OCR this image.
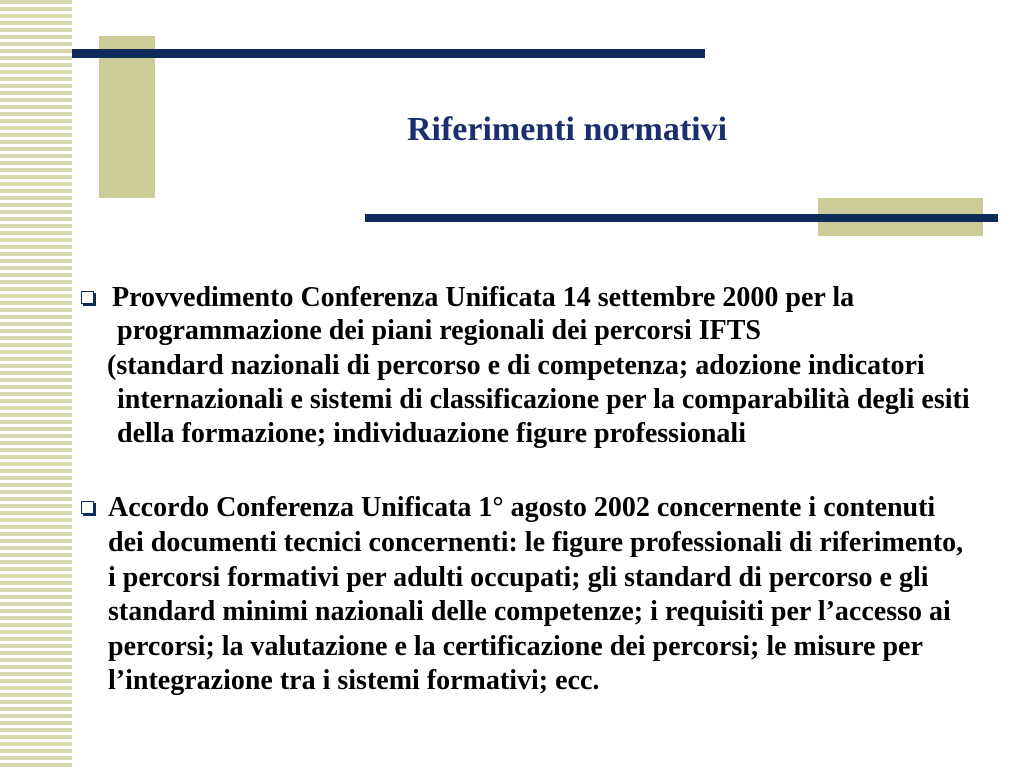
Riferimenti normativi
Provvedimento Conferenza Unificata 14 settembre 2000 per la
programmazione dei piani regionali dei percorsi IFTS
(standard nazionali di percorso e di competenza; adozione indicatori
internazionali e sistemi di classificazione per la comparabilità degli esiti
della formazione; individuazione figure professionali
Accordo Conferenza Unificata 1° agosto 2002 concernente i contenuti
dei documenti tecnici concernenti: le figure professionali di riferimento,
i percorsi formativi per adulti occupati; gli standard di percorso e gli
standard minimi nazionali delle competenze; i requisiti per l’accesso ai
percorsi; la valutazione e la certificazione dei percorsi; le misure per
l’integrazione tra i sistemi formativi; ecc.
